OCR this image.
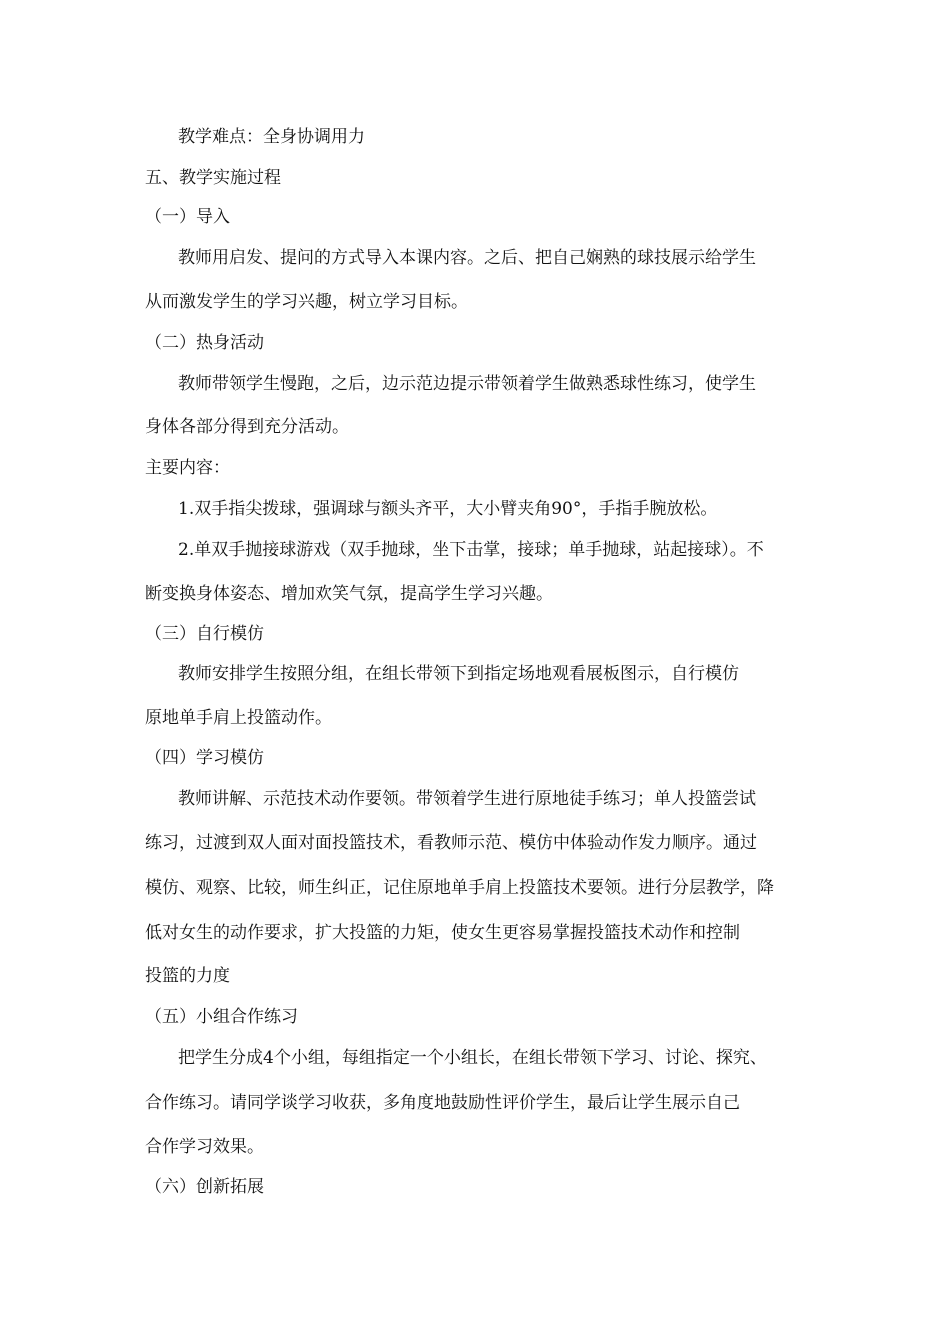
教学难点：全身协调用力
五、教学实施过程
（一）导入
教师用启发、提问的方式导入本课内容。之后、把自己娴熟的球技展示给学生
从而激发学生的学习兴趣，树立学习目标。
（二）热身活动
教师带领学生慢跑，之后，边示范边提示带领着学生做熟悉球性练习，使学生
身体各部分得到充分活动。
主要内容：
1.双手指尖拨球，强调球与额头齐平，大小臂夹角90°，手指手腕放松。
2.单双手抛接球游戏（双手抛球，坐下击掌，接球；单手抛球，站起接球）。不
断变换身体姿态、增加欢笑气氛，提高学生学习兴趣。
（三）自行模仿
教师安排学生按照分组，在组长带领下到指定场地观看展板图示，自行模仿
原地单手肩上投篮动作。
（四）学习模仿
教师讲解、示范技术动作要领。带领着学生进行原地徒手练习；单人投篮尝试
练习，过渡到双人面对面投篮技术，看教师示范、模仿中体验动作发力顺序。通过
模仿、观察、比较，师生纠正，记住原地单手肩上投篮技术要领。进行分层教学，降
低对女生的动作要求，扩大投篮的力矩，使女生更容易掌握投篮技术动作和控制
投篮的力度
（五）小组合作练习
把学生分成4个小组，每组指定一个小组长，在组长带领下学习、讨论、探究、
合作练习。请同学谈学习收获，多角度地鼓励性评价学生，最后让学生展示自己
合作学习效果。
（六）创新拓展
